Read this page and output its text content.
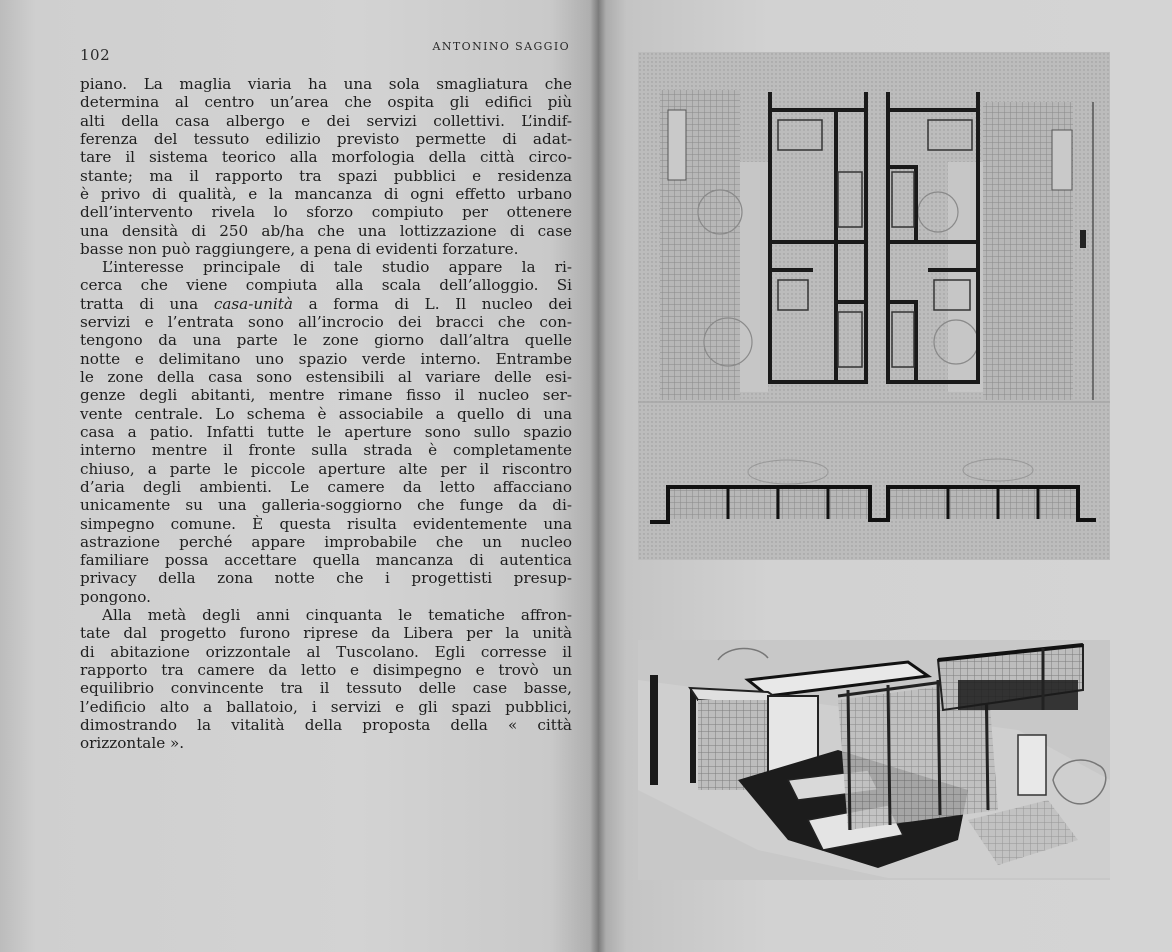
102	ANTONINO SAGGIO
piano. La maglia viaria ha una sola smagliatura che
determina al centro un’area che ospita gli edifici più
alti della casa albergo e dei servizi collettivi. L’indif-
ferenza del tessuto edilizio previsto permette di adat-
tare il sistema teorico alla morfologia della città circo-
stante; ma il rapporto tra spazi pubblici e residenza
è privo di qualità, e la mancanza di ogni effetto urbano
dell’intervento rivela lo sforzo compiuto per ottenere
una densità di 250 ab/ha che una lottizzazione di case
basse non può raggiungere, a pena di evidenti forzature.
L’interesse principale di tale studio appare la ri-
cerca che viene compiuta alla scala dell’alloggio. Si
tratta di una casa-unità a forma di L. Il nucleo dei
servizi e l’entrata sono all’incrocio dei bracci che con-
tengono da una parte le zone giorno dall’altra quelle
notte e delimitano uno spazio verde interno. Entrambe
le zone della casa sono estensibili al variare delle esi-
genze degli abitanti, mentre rimane fisso il nucleo ser-
vente centrale. Lo schema è associabile a quello di una
casa a patio. Infatti tutte le aperture sono sullo spazio
interno mentre il fronte sulla strada è completamente
chiuso, a parte le piccole aperture alte per il riscontro
d’aria degli ambienti. Le camere da letto affacciano
unicamente su una galleria-soggiorno che funge da di-
simpegno comune. È questa risulta evidentemente una
astrazione perché appare improbabile che un nucleo
familiare possa accettare quella mancanza di autentica
privacy della zona notte che i progettisti presup-
pongono.
Alla metà degli anni cinquanta le tematiche affron-
tate dal progetto furono riprese da Libera per la unità
di abitazione orizzontale al Tuscolano. Egli corresse il
rapporto tra camere da letto e disimpegno e trovò un
equilibrio convincente tra il tessuto delle case basse,
l’edificio alto a ballatoio, i servizi e gli spazi pubblici,
dimostrando la vitalità della proposta della « città
orizzontale ».
